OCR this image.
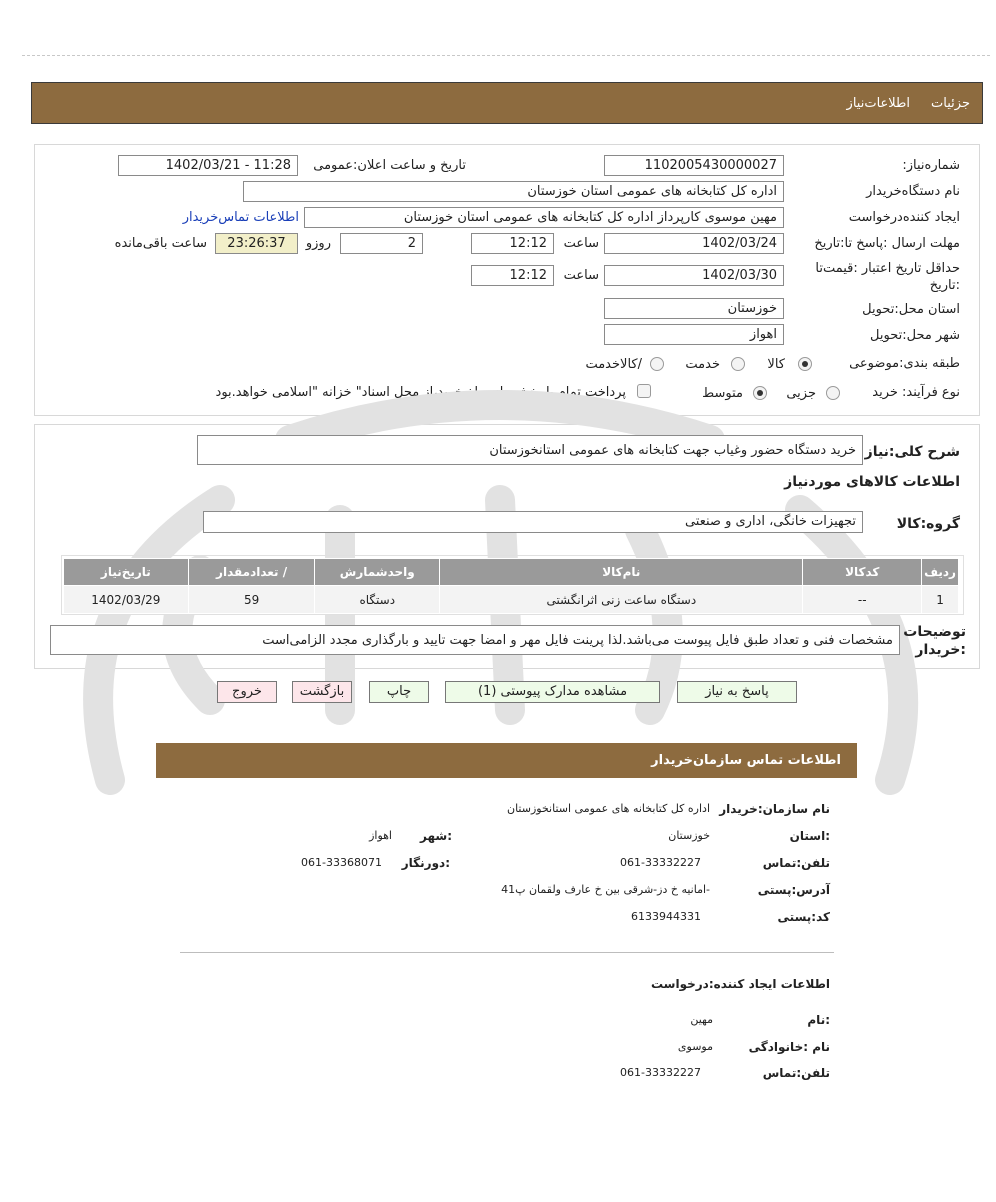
جزئیات
اطلاعات‌نیاز
شماره‌نیاز:
1102005430000027
تاریخ و ساعت اعلان:عمومی
1402/03/21 - 11:28
نام دستگاه‌خریدار
اداره کل کتابخانه های عمومی استان خوزستان
ایجاد کننده‌درخواست
مهین موسوی کارپرداز اداره کل کتابخانه های عمومی استان خوزستان
اطلاعات تماس‌خریدار
مهلت ارسال :پاسخ تا:تاریخ
1402/03/24
ساعت
12:12
2
روزو
23:26:37
ساعت باقی‌مانده
حداقل تاریخ اعتبار :قیمت‌تا
:تاریخ
1402/03/30
ساعت
12:12
استان محل:تحویل
خوزستان
شهر محل:تحویل
اهواز
طبقه بندی:موضوعی
کالا
خدمت
/کالاخدمت
نوع فرآیند: خرید
جزیی
متوسط
پرداخت تمام یا بخشی از مبلغ خرید،از محل اسناد" خزانه "اسلامی خواهد.بود
شرح کلی:نیاز
خرید دستگاه حضور وغیاب جهت کتابخانه های عمومی استانخوزستان
اطلاعات کالاهای موردنیاز
گروه:کالا
تجهیزات خانگی، اداری و صنعتی
ردیف	کدکالا	نام‌کالا	واحدشمارش	/ تعدادمقدار	تاریخ‌نیاز
1	--	دستگاه ساعت زنی اثرانگشتی	دستگاه	59	1402/03/29
توضیحات
:خریدار
مشخصات فنی و تعداد طبق فایل پیوست می‌باشد.لذا پرینت فایل مهر و امضا جهت تایید و بارگذاری مجدد الزامی‌است
پاسخ به نیاز
مشاهده مدارک پیوستی (1)
چاپ
بازگشت
خروج
اطلاعات تماس سازمان‌خریدار
نام سازمان:خریدار
اداره کل کتابخانه های عمومی استانخوزستان
:استان
خوزستان
:شهر
اهواز
تلفن:تماس
061-33332227
:دورنگار
061-33368071
آدرس:پستی
-امانیه خ دز-شرقی بین خ عارف ولقمان پ41
کد:پستی
6133944331
اطلاعات ایجاد کننده:درخواست
:نام
مهین
نام :خانوادگی
موسوی
تلفن:تماس
061-33332227
